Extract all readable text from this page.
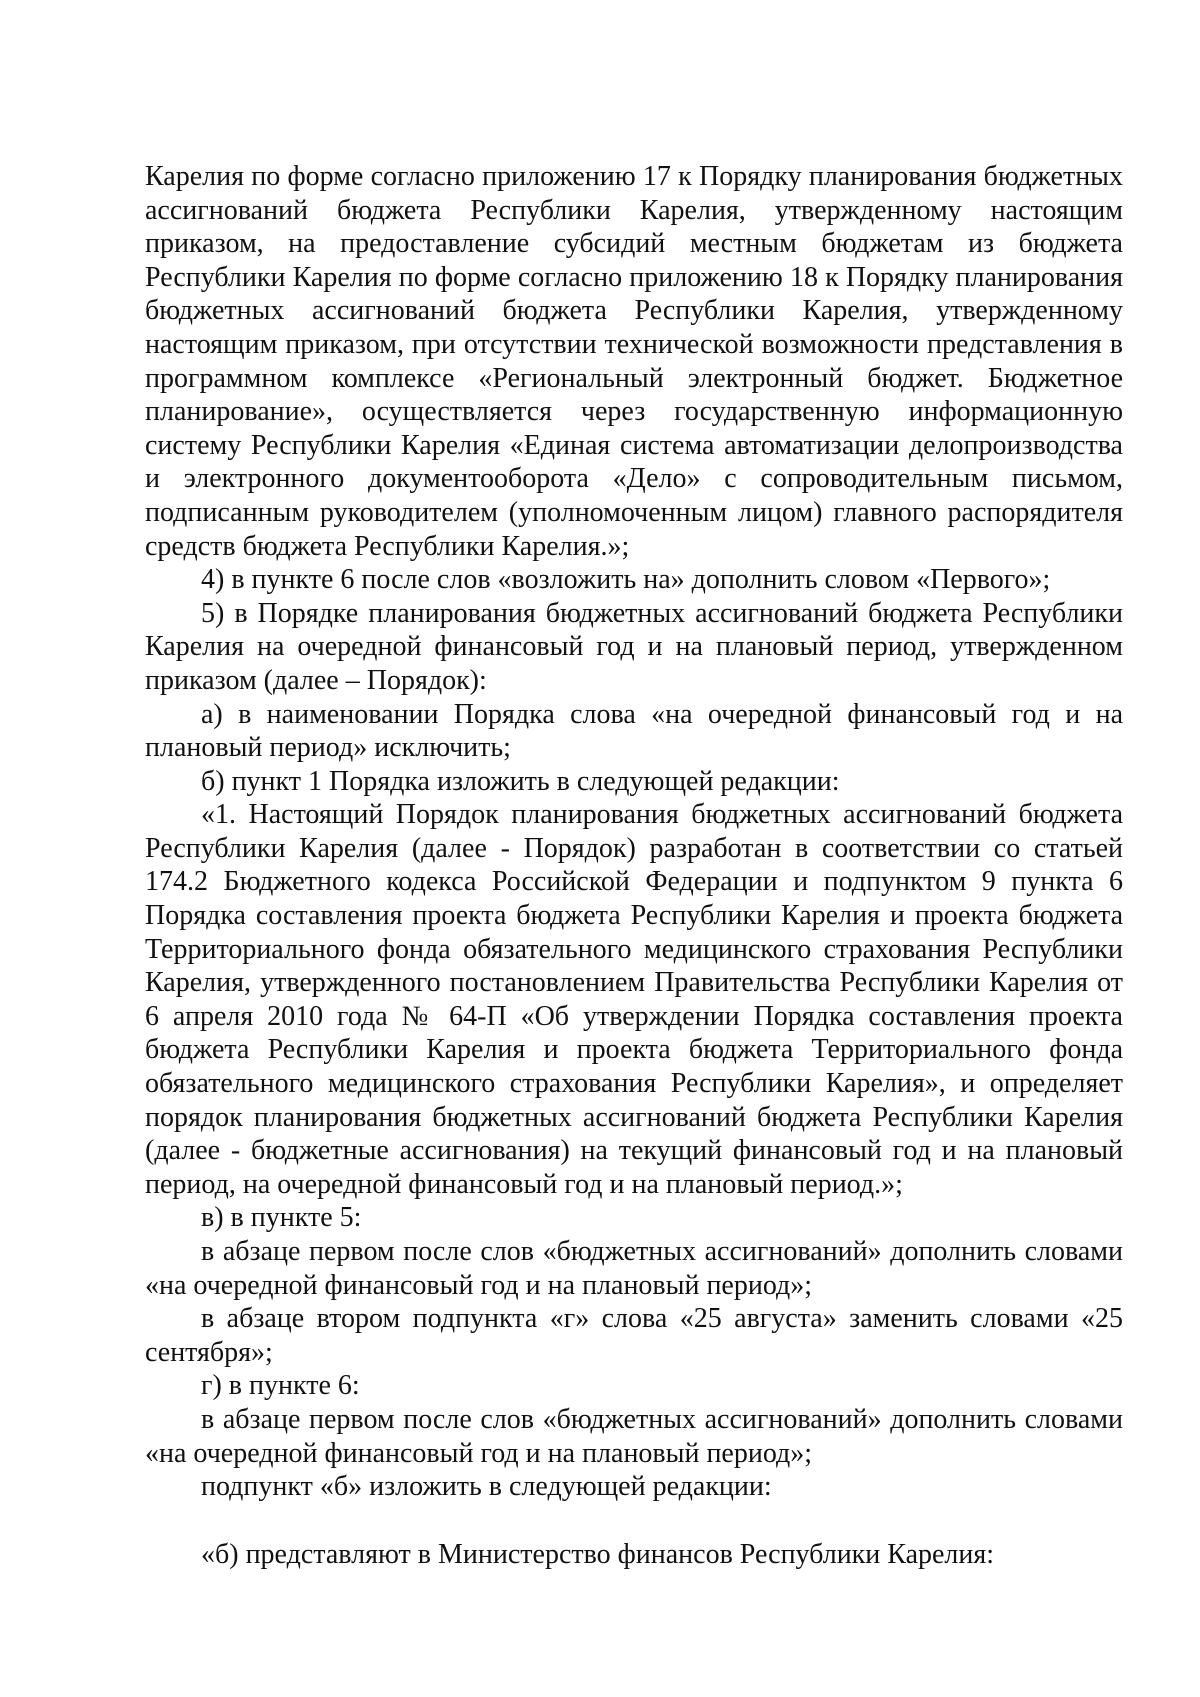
Карелия по форме согласно приложению 17 к Порядку планирования бюджетных ассигнований бюджета Республики Карелия, утвержденному настоящим приказом, на предоставление субсидий местным бюджетам из бюджета Республики Карелия по форме согласно приложению 18 к Порядку планирования бюджетных ассигнований бюджета Республики Карелия, утвержденному настоящим приказом, при отсутствии технической возможности представления в программном комплексе «Региональный электронный бюджет. Бюджетное планирование», осуществляется через государственную информационную систему Республики Карелия «Единая система автоматизации делопроизводства и электронного документооборота «Дело» с сопроводительным письмом, подписанным руководителем (уполномоченным лицом) главного распорядителя средств бюджета Республики Карелия.»;

4) в пункте 6 после слов «возложить на» дополнить словом «Первого»;

5) в Порядке планирования бюджетных ассигнований бюджета Республики Карелия на очередной финансовый год и на плановый период, утвержденном приказом (далее – Порядок):

а) в наименовании Порядка слова «на очередной финансовый год и на плановый период» исключить;

б) пункт 1 Порядка изложить в следующей редакции:

«1. Настоящий Порядок планирования бюджетных ассигнований бюджета Республики Карелия (далее - Порядок) разработан в соответствии со статьей 174.2 Бюджетного кодекса Российской Федерации и подпунктом 9 пункта 6 Порядка составления проекта бюджета Республики Карелия и проекта бюджета Территориального фонда обязательного медицинского страхования Республики Карелия, утвержденного постановлением Правительства Республики Карелия от 6 апреля 2010 года № 64-П «Об утверждении Порядка составления проекта бюджета Республики Карелия и проекта бюджета Территориального фонда обязательного медицинского страхования Республики Карелия», и определяет порядок планирования бюджетных ассигнований бюджета Республики Карелия (далее - бюджетные ассигнования) на текущий финансовый год и на плановый период, на очередной финансовый год и на плановый период.»;

в) в пункте 5:

в абзаце первом после слов «бюджетных ассигнований» дополнить словами «на очередной финансовый год и на плановый период»;

в абзаце втором подпункта «г» слова «25 августа» заменить словами «25 сентября»;

г) в пункте 6:

в абзаце первом после слов «бюджетных ассигнований» дополнить словами «на очередной финансовый год и на плановый период»;

подпункт «б» изложить в следующей редакции:

«б) представляют в Министерство финансов Республики Карелия:
